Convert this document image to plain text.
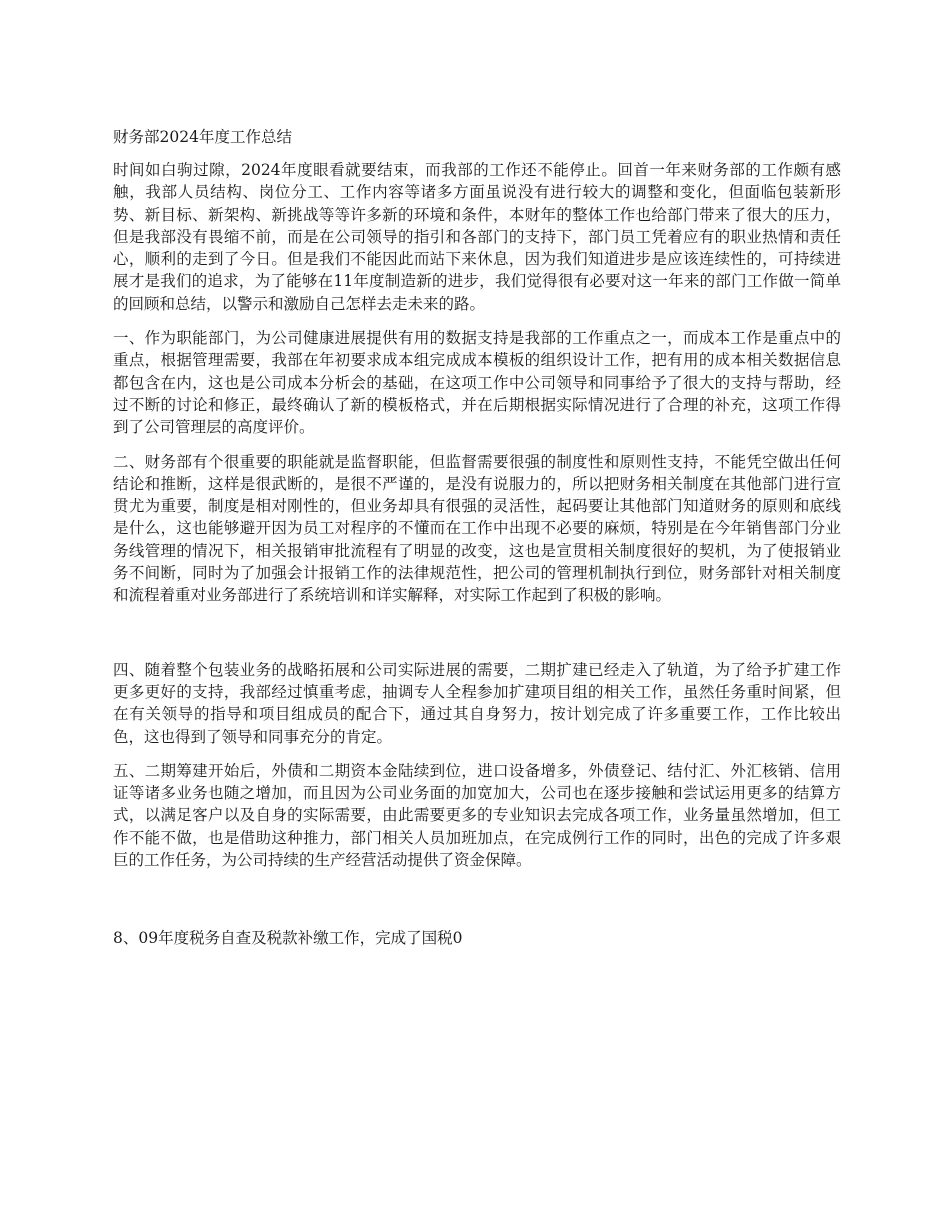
财务部2024年度工作总结

时间如白驹过隙，2024年度眼看就要结束，而我部的工作还不能停止。回首一年来财务部的工作颇有感触，我部人员结构、岗位分工、工作内容等诸多方面虽说没有进行较大的调整和变化，但面临包装新形势、新目标、新架构、新挑战等等许多新的环境和条件，本财年的整体工作也给部门带来了很大的压力，但是我部没有畏缩不前，而是在公司领导的指引和各部门的支持下，部门员工凭着应有的职业热情和责任心，顺利的走到了今日。但是我们不能因此而站下来休息，因为我们知道进步是应该连续性的，可持续进展才是我们的追求，为了能够在11年度制造新的进步，我们觉得很有必要对这一年来的部门工作做一简单的回顾和总结，以警示和激励自己怎样去走未来的路。

一、作为职能部门，为公司健康进展提供有用的数据支持是我部的工作重点之一，而成本工作是重点中的重点，根据管理需要，我部在年初要求成本组完成成本模板的组织设计工作，把有用的成本相关数据信息都包含在内，这也是公司成本分析会的基础，在这项工作中公司领导和同事给予了很大的支持与帮助，经过不断的讨论和修正，最终确认了新的模板格式，并在后期根据实际情况进行了合理的补充，这项工作得到了公司管理层的高度评价。

二、财务部有个很重要的职能就是监督职能，但监督需要很强的制度性和原则性支持，不能凭空做出任何结论和推断，这样是很武断的，是很不严谨的，是没有说服力的，所以把财务相关制度在其他部门进行宣贯尤为重要，制度是相对刚性的，但业务却具有很强的灵活性，起码要让其他部门知道财务的原则和底线是什么，这也能够避开因为员工对程序的不懂而在工作中出现不必要的麻烦，特别是在今年销售部门分业务线管理的情况下，相关报销审批流程有了明显的改变，这也是宣贯相关制度很好的契机，为了使报销业务不间断，同时为了加强会计报销工作的法律规范性，把公司的管理机制执行到位，财务部针对相关制度和流程着重对业务部进行了系统培训和详实解释，对实际工作起到了积极的影响。

四、随着整个包装业务的战略拓展和公司实际进展的需要，二期扩建已经走入了轨道，为了给予扩建工作更多更好的支持，我部经过慎重考虑，抽调专人全程参加扩建项目组的相关工作，虽然任务重时间紧，但在有关领导的指导和项目组成员的配合下，通过其自身努力，按计划完成了许多重要工作，工作比较出色，这也得到了领导和同事充分的肯定。

五、二期筹建开始后，外债和二期资本金陆续到位，进口设备增多，外债登记、结付汇、外汇核销、信用证等诸多业务也随之增加，而且因为公司业务面的加宽加大，公司也在逐步接触和尝试运用更多的结算方式，以满足客户以及自身的实际需要，由此需要更多的专业知识去完成各项工作，业务量虽然增加，但工作不能不做，也是借助这种推力，部门相关人员加班加点，在完成例行工作的同时，出色的完成了许多艰巨的工作任务，为公司持续的生产经营活动提供了资金保障。

8、09年度税务自查及税款补缴工作，完成了国税0
